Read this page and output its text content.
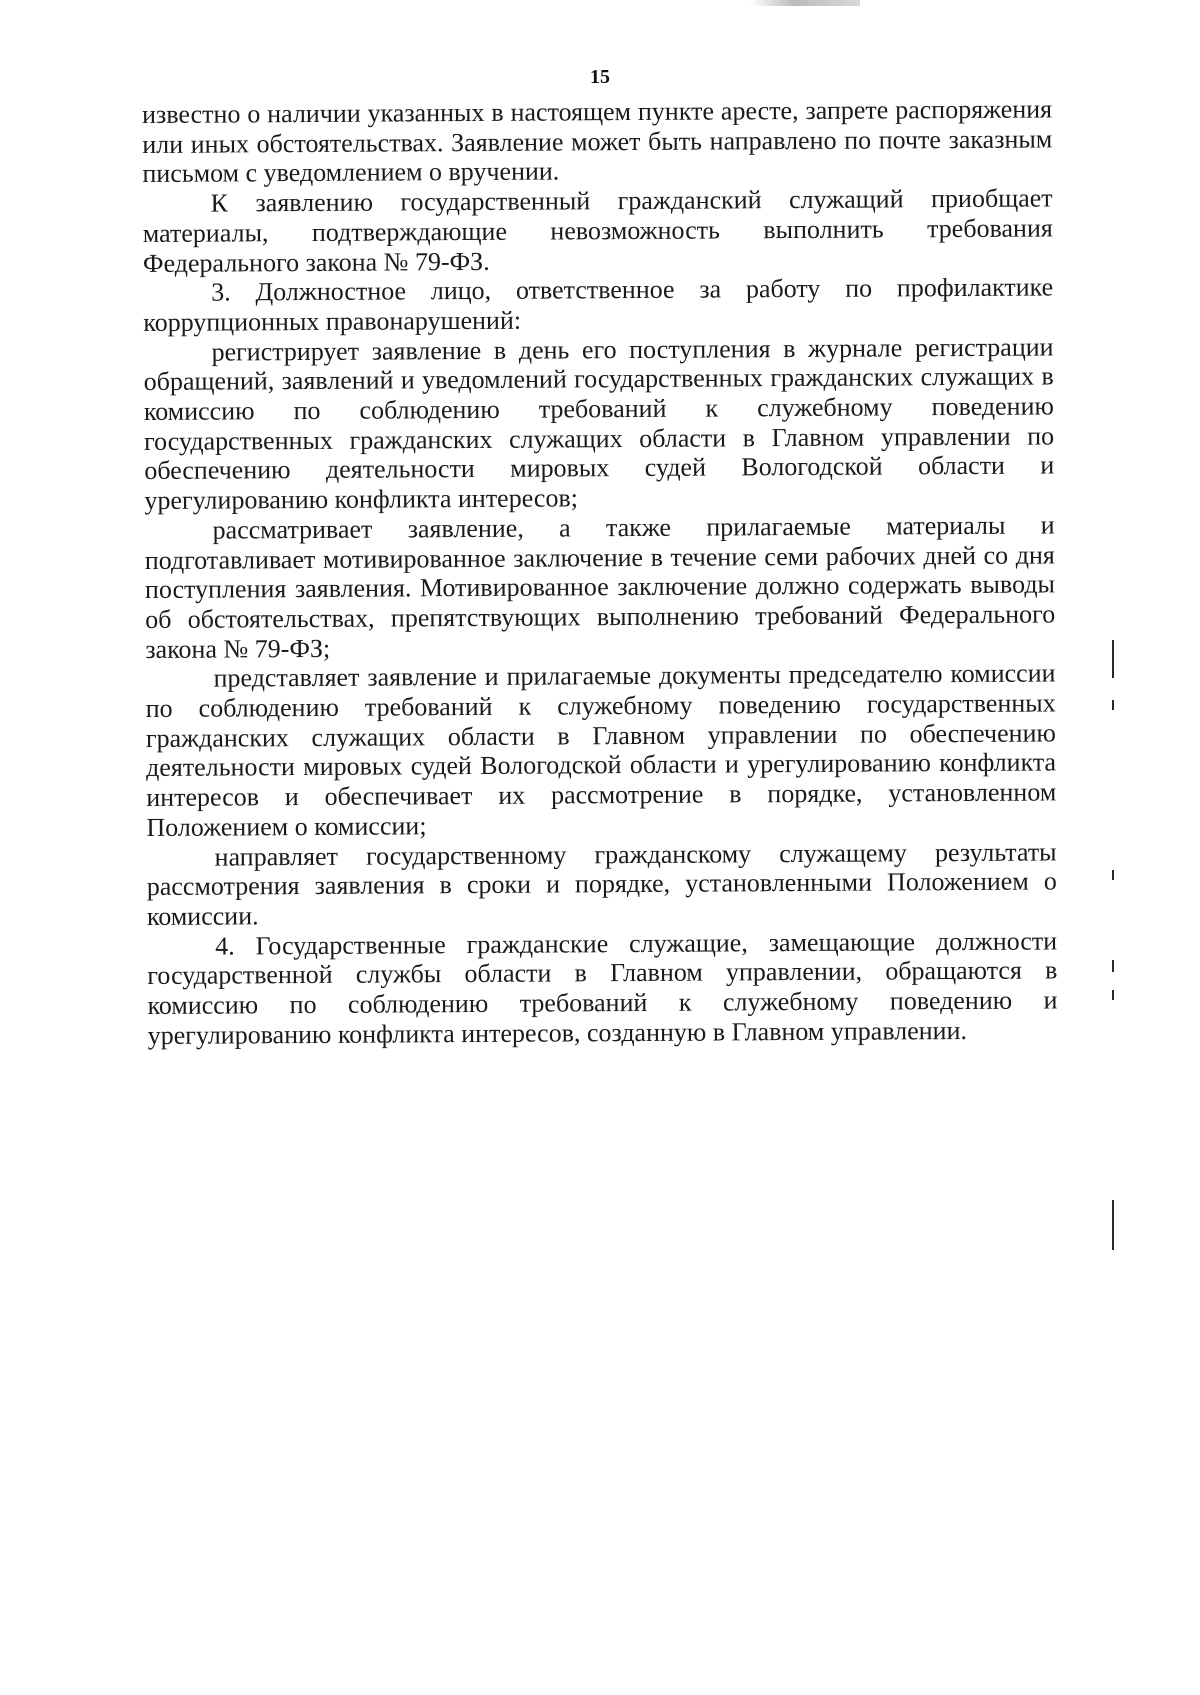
15

известно о наличии указанных в настоящем пункте аресте, запрете распоряжения или иных обстоятельствах. Заявление может быть направлено по почте заказным письмом с уведомлением о вручении.

К заявлению государственный гражданский служащий приобщает материалы, подтверждающие невозможность выполнить требования Федерального закона № 79-ФЗ.

3. Должностное лицо, ответственное за работу по профилактике коррупционных правонарушений:

регистрирует заявление в день его поступления в журнале регистрации обращений, заявлений и уведомлений государственных гражданских служащих в комиссию по соблюдению требований к служебному поведению государственных гражданских служащих области в Главном управлении по обеспечению деятельности мировых судей Вологодской области и урегулированию конфликта интересов;

рассматривает заявление, а также прилагаемые материалы и подготавливает мотивированное заключение в течение семи рабочих дней со дня поступления заявления. Мотивированное заключение должно содержать выводы об обстоятельствах, препятствующих выполнению требований Федерального закона № 79-ФЗ;

представляет заявление и прилагаемые документы председателю комиссии по соблюдению требований к служебному поведению государственных гражданских служащих области в Главном управлении по обеспечению деятельности мировых судей Вологодской области и урегулированию конфликта интересов и обеспечивает их рассмотрение в порядке, установленном Положением о комиссии;

направляет государственному гражданскому служащему результаты рассмотрения заявления в сроки и порядке, установленными Положением о комиссии.

4. Государственные гражданские служащие, замещающие должности государственной службы области в Главном управлении, обращаются в комиссию по соблюдению требований к служебному поведению и урегулированию конфликта интересов, созданную в Главном управлении.
